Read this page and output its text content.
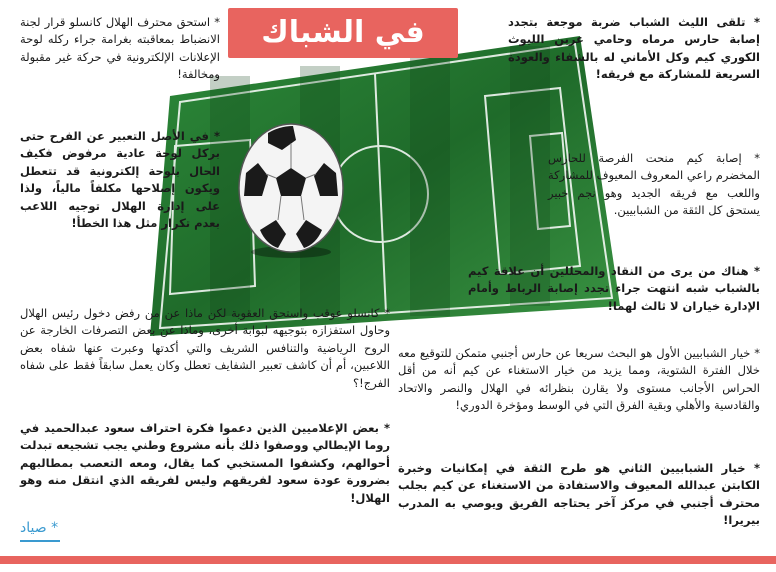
في الشباك	* تلقى الليث الشباب ضربة موجعة بتجدد إصابة حارس مرماه وحامي عرين الليوث الكوري كيم وكل الأماني له بالشفاء والعودة السريعة للمشاركة مع فريقه!

* إصابة كيم منحت الفرصة للحارس المخضرم راعي المعروف المعيوف للمشاركة واللعب مع فريقه الجديد وهو نجم خبير يستحق كل الثقة من الشبابيين.

* هناك من يرى من النقاد والمحللين أن علاقة كيم بالشباب شبه انتهت جراء تجدد إصابة الرباط وأمام الإدارة خياران لا ثالث لهما!

* خيار الشبابيين الأول هو البحث سريعا عن حارس أجنبي متمكن للتوقيع معه خلال الفترة الشتوية، ومما يزيد من خيار الاستغناء عن كيم أنه من أقل الحراس الأجانب مستوى ولا يقارن بنظرائه في الهلال والنصر والاتحاد والقادسية والأهلي وبقية الفرق التي في الوسط ومؤخرة الدوري!

* خيار الشبابيين الثاني هو طرح الثقة في إمكانيات وخبرة الكابتن عبدالله المعيوف والاستفادة من الاستغناء عن كيم بجلب محترف أجنبي في مركز آخر يحتاجه الفريق ويوصي به المدرب بيريرا!

* استحق محترف الهلال كانسلو قرار لجنة الانضباط بمعاقبته بغرامة جراء ركله لوحة الإعلانات الإلكترونية في حركة غير مقبولة ومخالفة!

* في الأصل التعبير عن الفرح حتى بركل لوحة عادية مرفوض فكيف الحال بلوحة إلكترونية قد تتعطل ويكون إصلاحها مكلفاً مالياً، ولذا على إدارة الهلال توجيه اللاعب بعدم تكرار مثل هذا الخطأ!

* كانسلو عوقب واستحق العقوبة لكن ماذا عن من رفض دخول رئيس الهلال وحاول استفزازه بتوجيهه لبوابة أخرى، وماذا عن بعض التصرفات الخارجة عن الروح الرياضية والتنافس الشريف والتي أكدتها وعبرت عنها شفاه بعض اللاعبين، أم أن كاشف تعبير الشفايف تعطل وكان يعمل سابقاً فقط على شفاه الفرج!؟

* بعض الإعلاميين الذين دعموا فكرة احتراف سعود عبدالحميد في روما الإيطالي ووصفوا ذلك بأنه مشروع وطني يجب تشجيعه تبدلت أحوالهم، وكشفوا المستخبي كما يقال، ومعه التعصب بمطالبهم بضرورة عودة سعود لفريقهم وليس لفريقه الذي انتقل منه وهو الهلال!

* صياد
